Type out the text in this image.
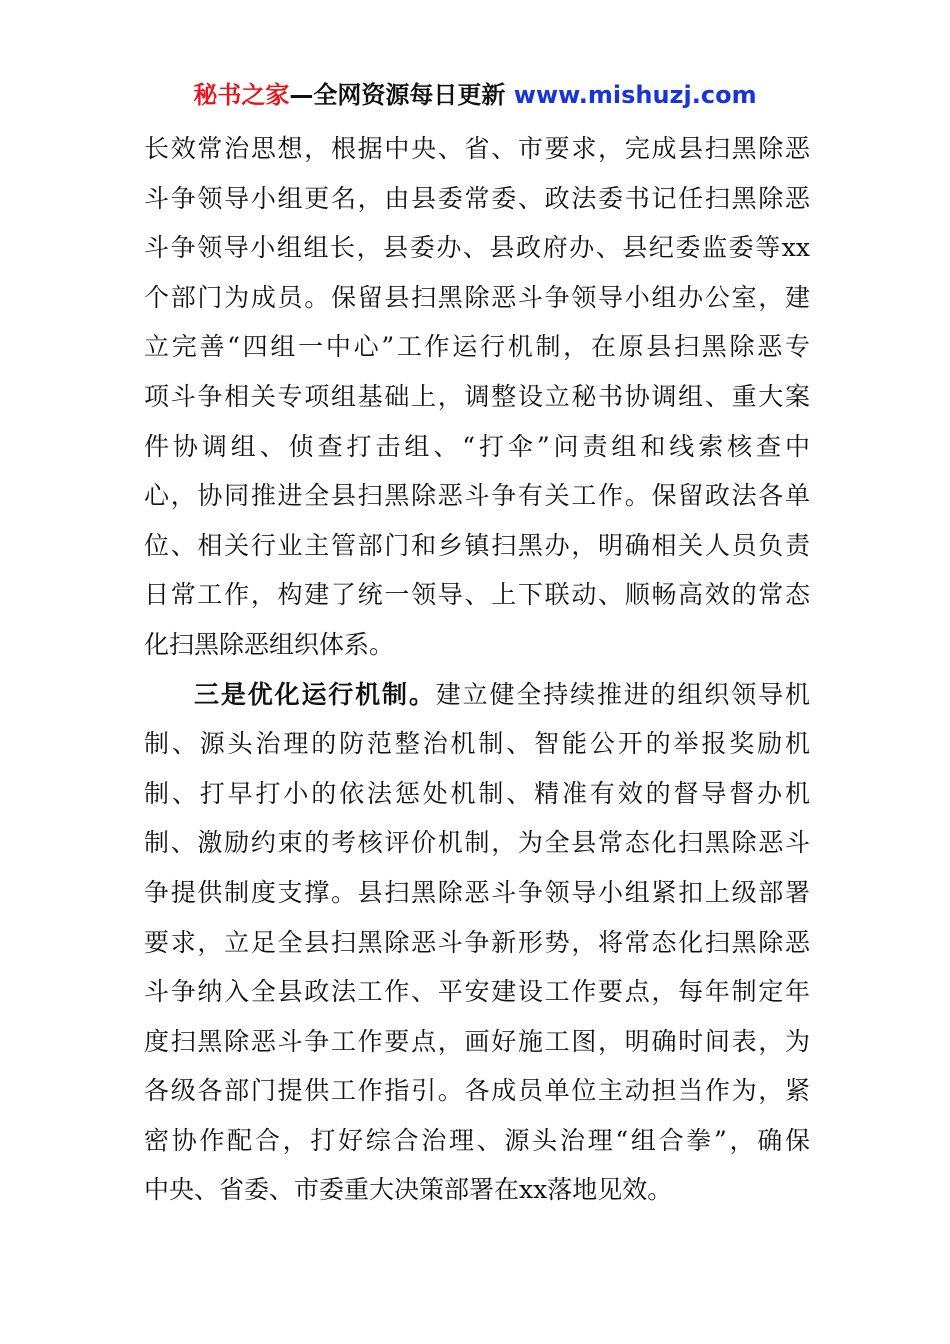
秘书之家—全网资源每日更新 www.mishuzj.com
长效常治思想，根据中央、省、市要求，完成县扫黑除恶
斗争领导小组更名，由县委常委、政法委书记任扫黑除恶
斗争领导小组组长，县委办、县政府办、县纪委监委等xx
个部门为成员。保留县扫黑除恶斗争领导小组办公室，建
立完善“四组一中心”工作运行机制，在原县扫黑除恶专
项斗争相关专项组基础上，调整设立秘书协调组、重大案
件协调组、侦查打击组、“打伞”问责组和线索核查中
心，协同推进全县扫黑除恶斗争有关工作。保留政法各单
位、相关行业主管部门和乡镇扫黑办，明确相关人员负责
日常工作，构建了统一领导、上下联动、顺畅高效的常态
化扫黑除恶组织体系。
三是优化运行机制。建立健全持续推进的组织领导机
制、源头治理的防范整治机制、智能公开的举报奖励机
制、打早打小的依法惩处机制、精准有效的督导督办机
制、激励约束的考核评价机制，为全县常态化扫黑除恶斗
争提供制度支撑。县扫黑除恶斗争领导小组紧扣上级部署
要求，立足全县扫黑除恶斗争新形势，将常态化扫黑除恶
斗争纳入全县政法工作、平安建设工作要点，每年制定年
度扫黑除恶斗争工作要点，画好施工图，明确时间表，为
各级各部门提供工作指引。各成员单位主动担当作为，紧
密协作配合，打好综合治理、源头治理“组合拳”，确保
中央、省委、市委重大决策部署在xx落地见效。
